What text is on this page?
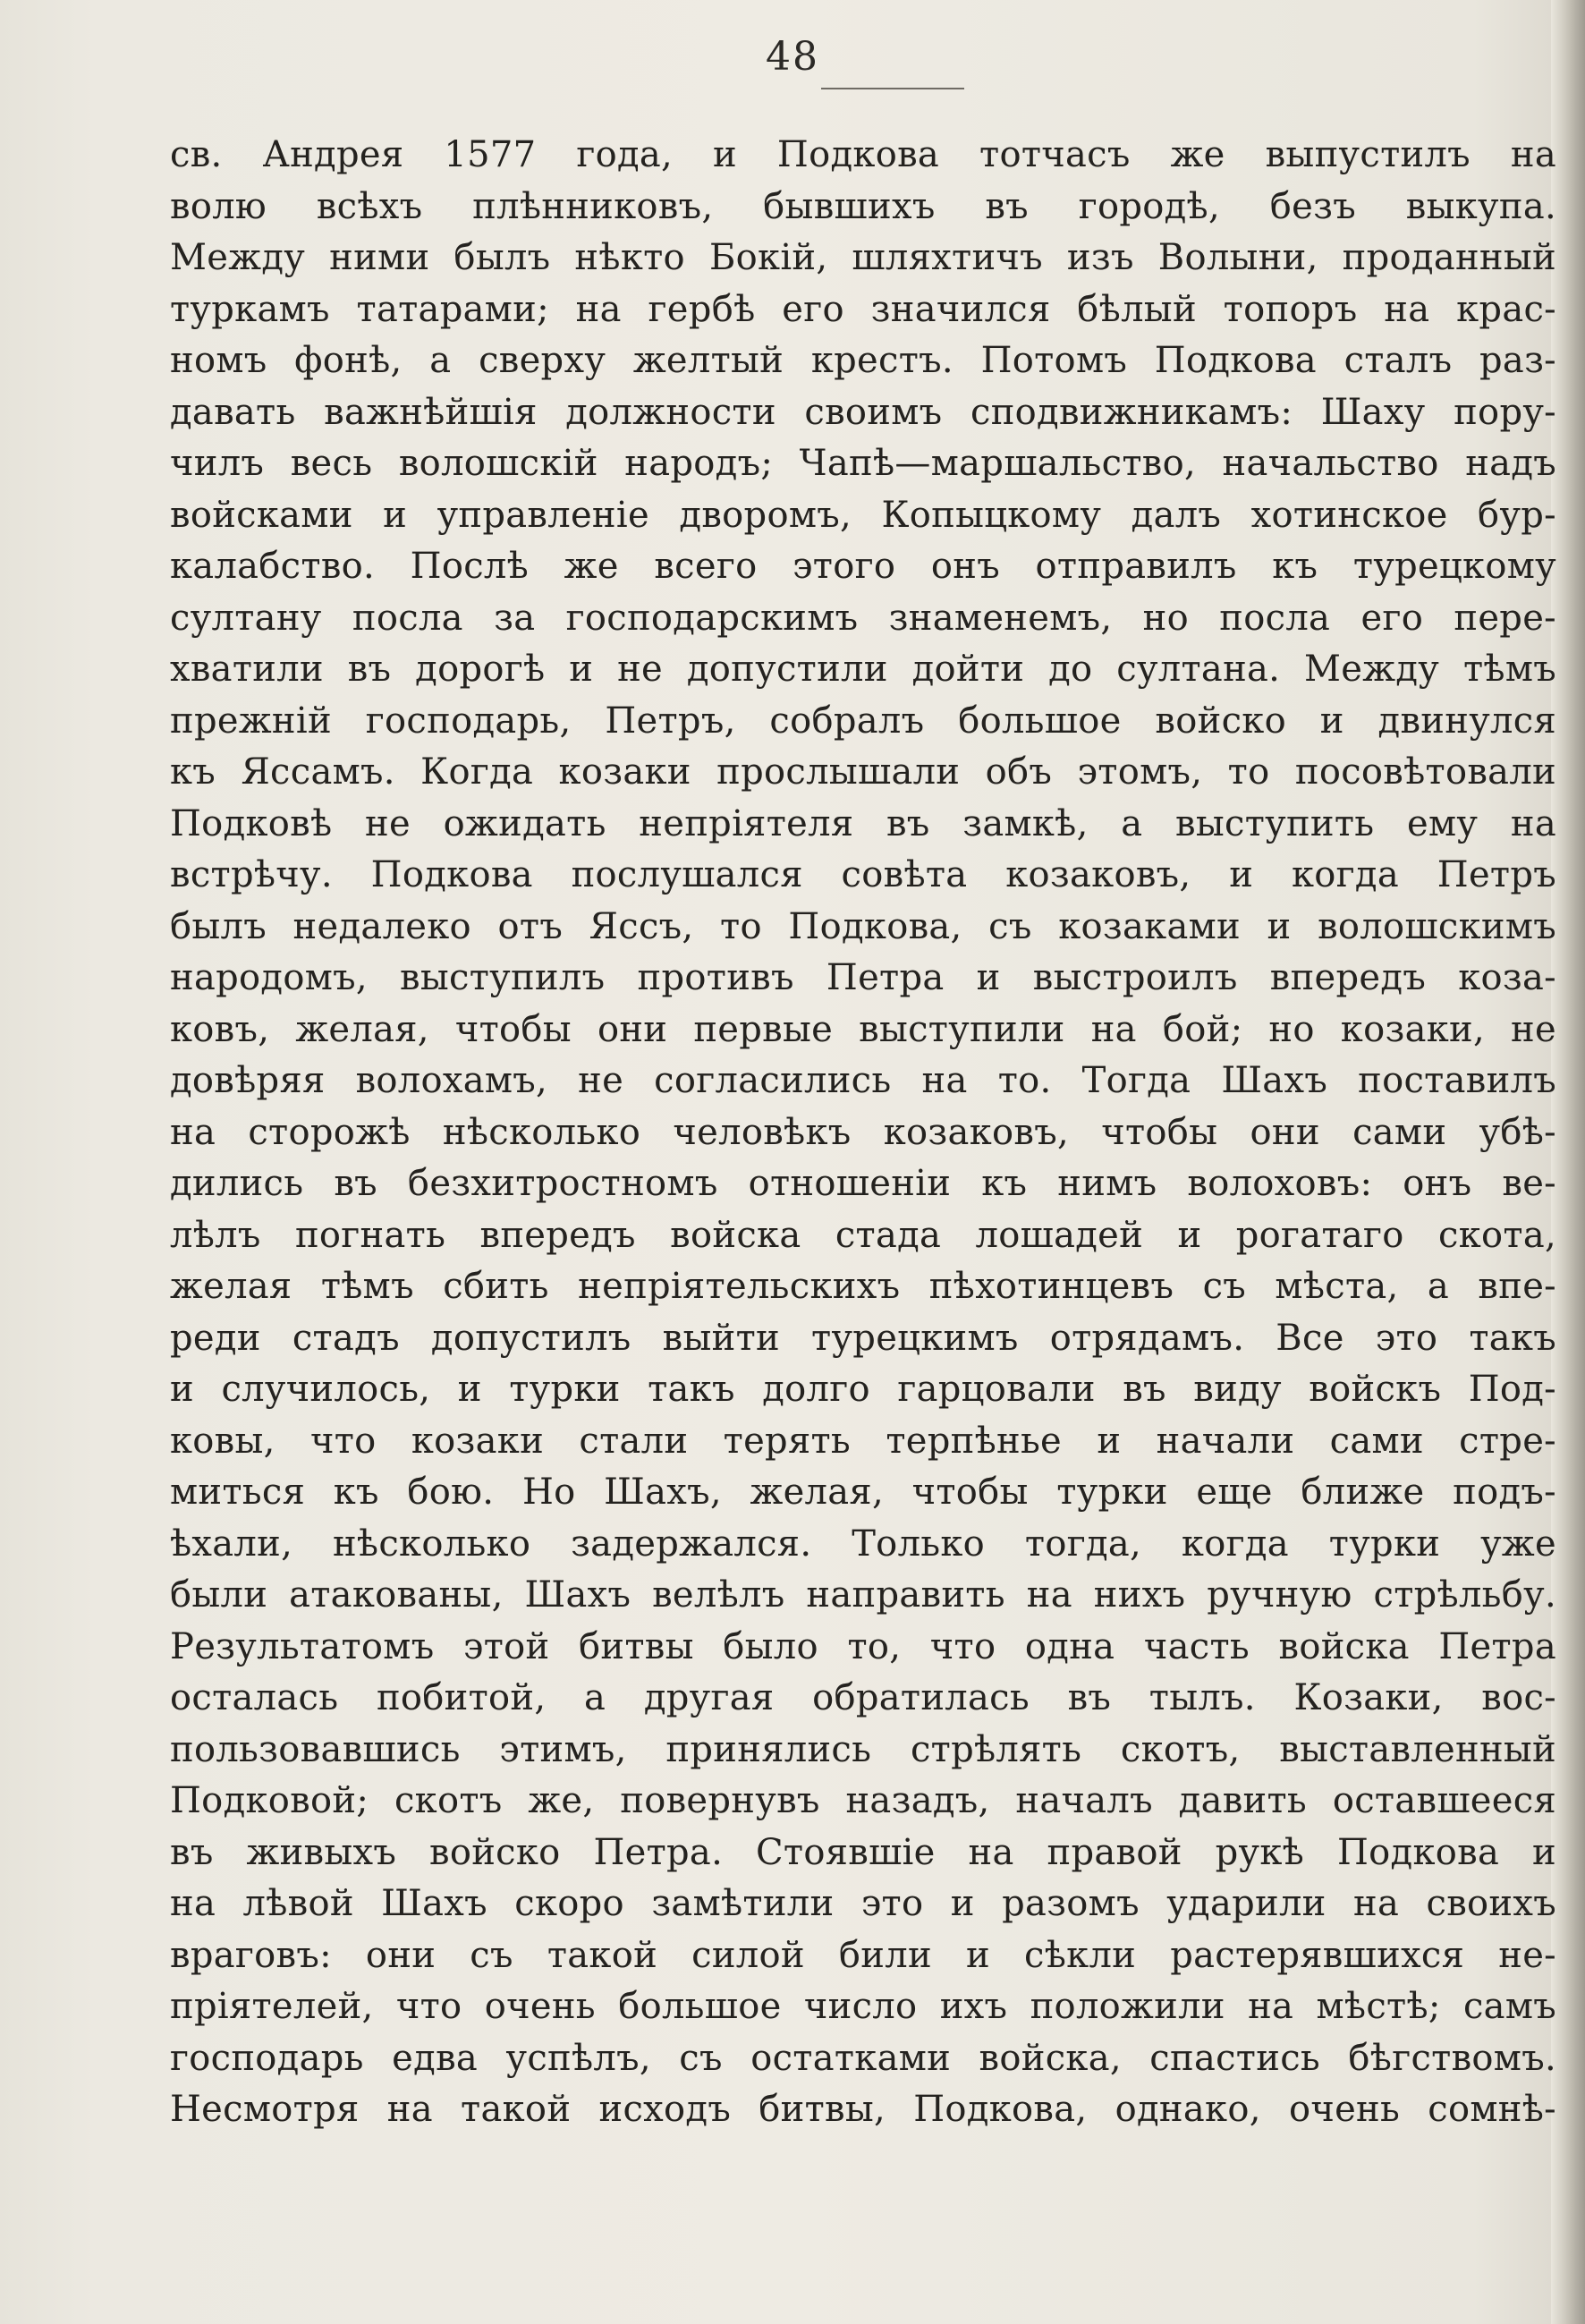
48
св. Андрея 1577 года, и Подкова тотчасъ же выпустилъ на
волю всѣхъ плѣнниковъ, бывшихъ въ городѣ, безъ выкупа.
Между ними былъ нѣкто Бокій, шляхтичъ изъ Волыни, проданный
туркамъ татарами; на гербѣ его значился бѣлый топоръ на крас-
номъ фонѣ, а сверху желтый крестъ. Потомъ Подкова сталъ раз-
давать важнѣйшія должности своимъ сподвижникамъ: Шаху пору-
чилъ весь волошскій народъ; Чапѣ—маршальство, начальство надъ
войсками и управленіе дворомъ, Копыцкому далъ хотинское бур-
калабство. Послѣ же всего этого онъ отправилъ къ турецкому
султану посла за господарскимъ знаменемъ, но посла его пере-
хватили въ дорогѣ и не допустили дойти до султана. Между тѣмъ
прежній господарь, Петръ, собралъ большое войско и двинулся
къ Яссамъ. Когда козаки прослышали объ этомъ, то посовѣтовали
Подковѣ не ожидать непріятеля въ замкѣ, а выступить ему на
встрѣчу. Подкова послушался совѣта козаковъ, и когда Петръ
былъ недалеко отъ Яссъ, то Подкова, съ козаками и волошскимъ
народомъ, выступилъ противъ Петра и выстроилъ впередъ коза-
ковъ, желая, чтобы они первые выступили на бой; но козаки, не
довѣряя волохамъ, не согласились на то. Тогда Шахъ поставилъ
на сторожѣ нѣсколько человѣкъ козаковъ, чтобы они сами убѣ-
дились въ безхитростномъ отношеніи къ нимъ волоховъ: онъ ве-
лѣлъ погнать впередъ войска стада лошадей и рогатаго скота,
желая тѣмъ сбить непріятельскихъ пѣхотинцевъ съ мѣста, а впе-
реди стадъ допустилъ выйти турецкимъ отрядамъ. Все это такъ
и случилось, и турки такъ долго гарцовали въ виду войскъ Под-
ковы, что козаки стали терять терпѣнье и начали сами стре-
миться къ бою. Но Шахъ, желая, чтобы турки еще ближе подъ-
ѣхали, нѣсколько задержался. Только тогда, когда турки уже
были атакованы, Шахъ велѣлъ направить на нихъ ручную стрѣльбу.
Результатомъ этой битвы было то, что одна часть войска Петра
осталась побитой, а другая обратилась въ тылъ. Козаки, вос-
пользовавшись этимъ, принялись стрѣлять скотъ, выставленный
Подковой; скотъ же, повернувъ назадъ, началъ давить оставшееся
въ живыхъ войско Петра. Стоявшіе на правой рукѣ Подкова и
на лѣвой Шахъ скоро замѣтили это и разомъ ударили на своихъ
враговъ: они съ такой силой били и сѣкли растерявшихся не-
пріятелей, что очень большое число ихъ положили на мѣстѣ; самъ
господарь едва успѣлъ, съ остатками войска, спастись бѣгствомъ.
Несмотря на такой исходъ битвы, Подкова, однако, очень сомнѣ-
